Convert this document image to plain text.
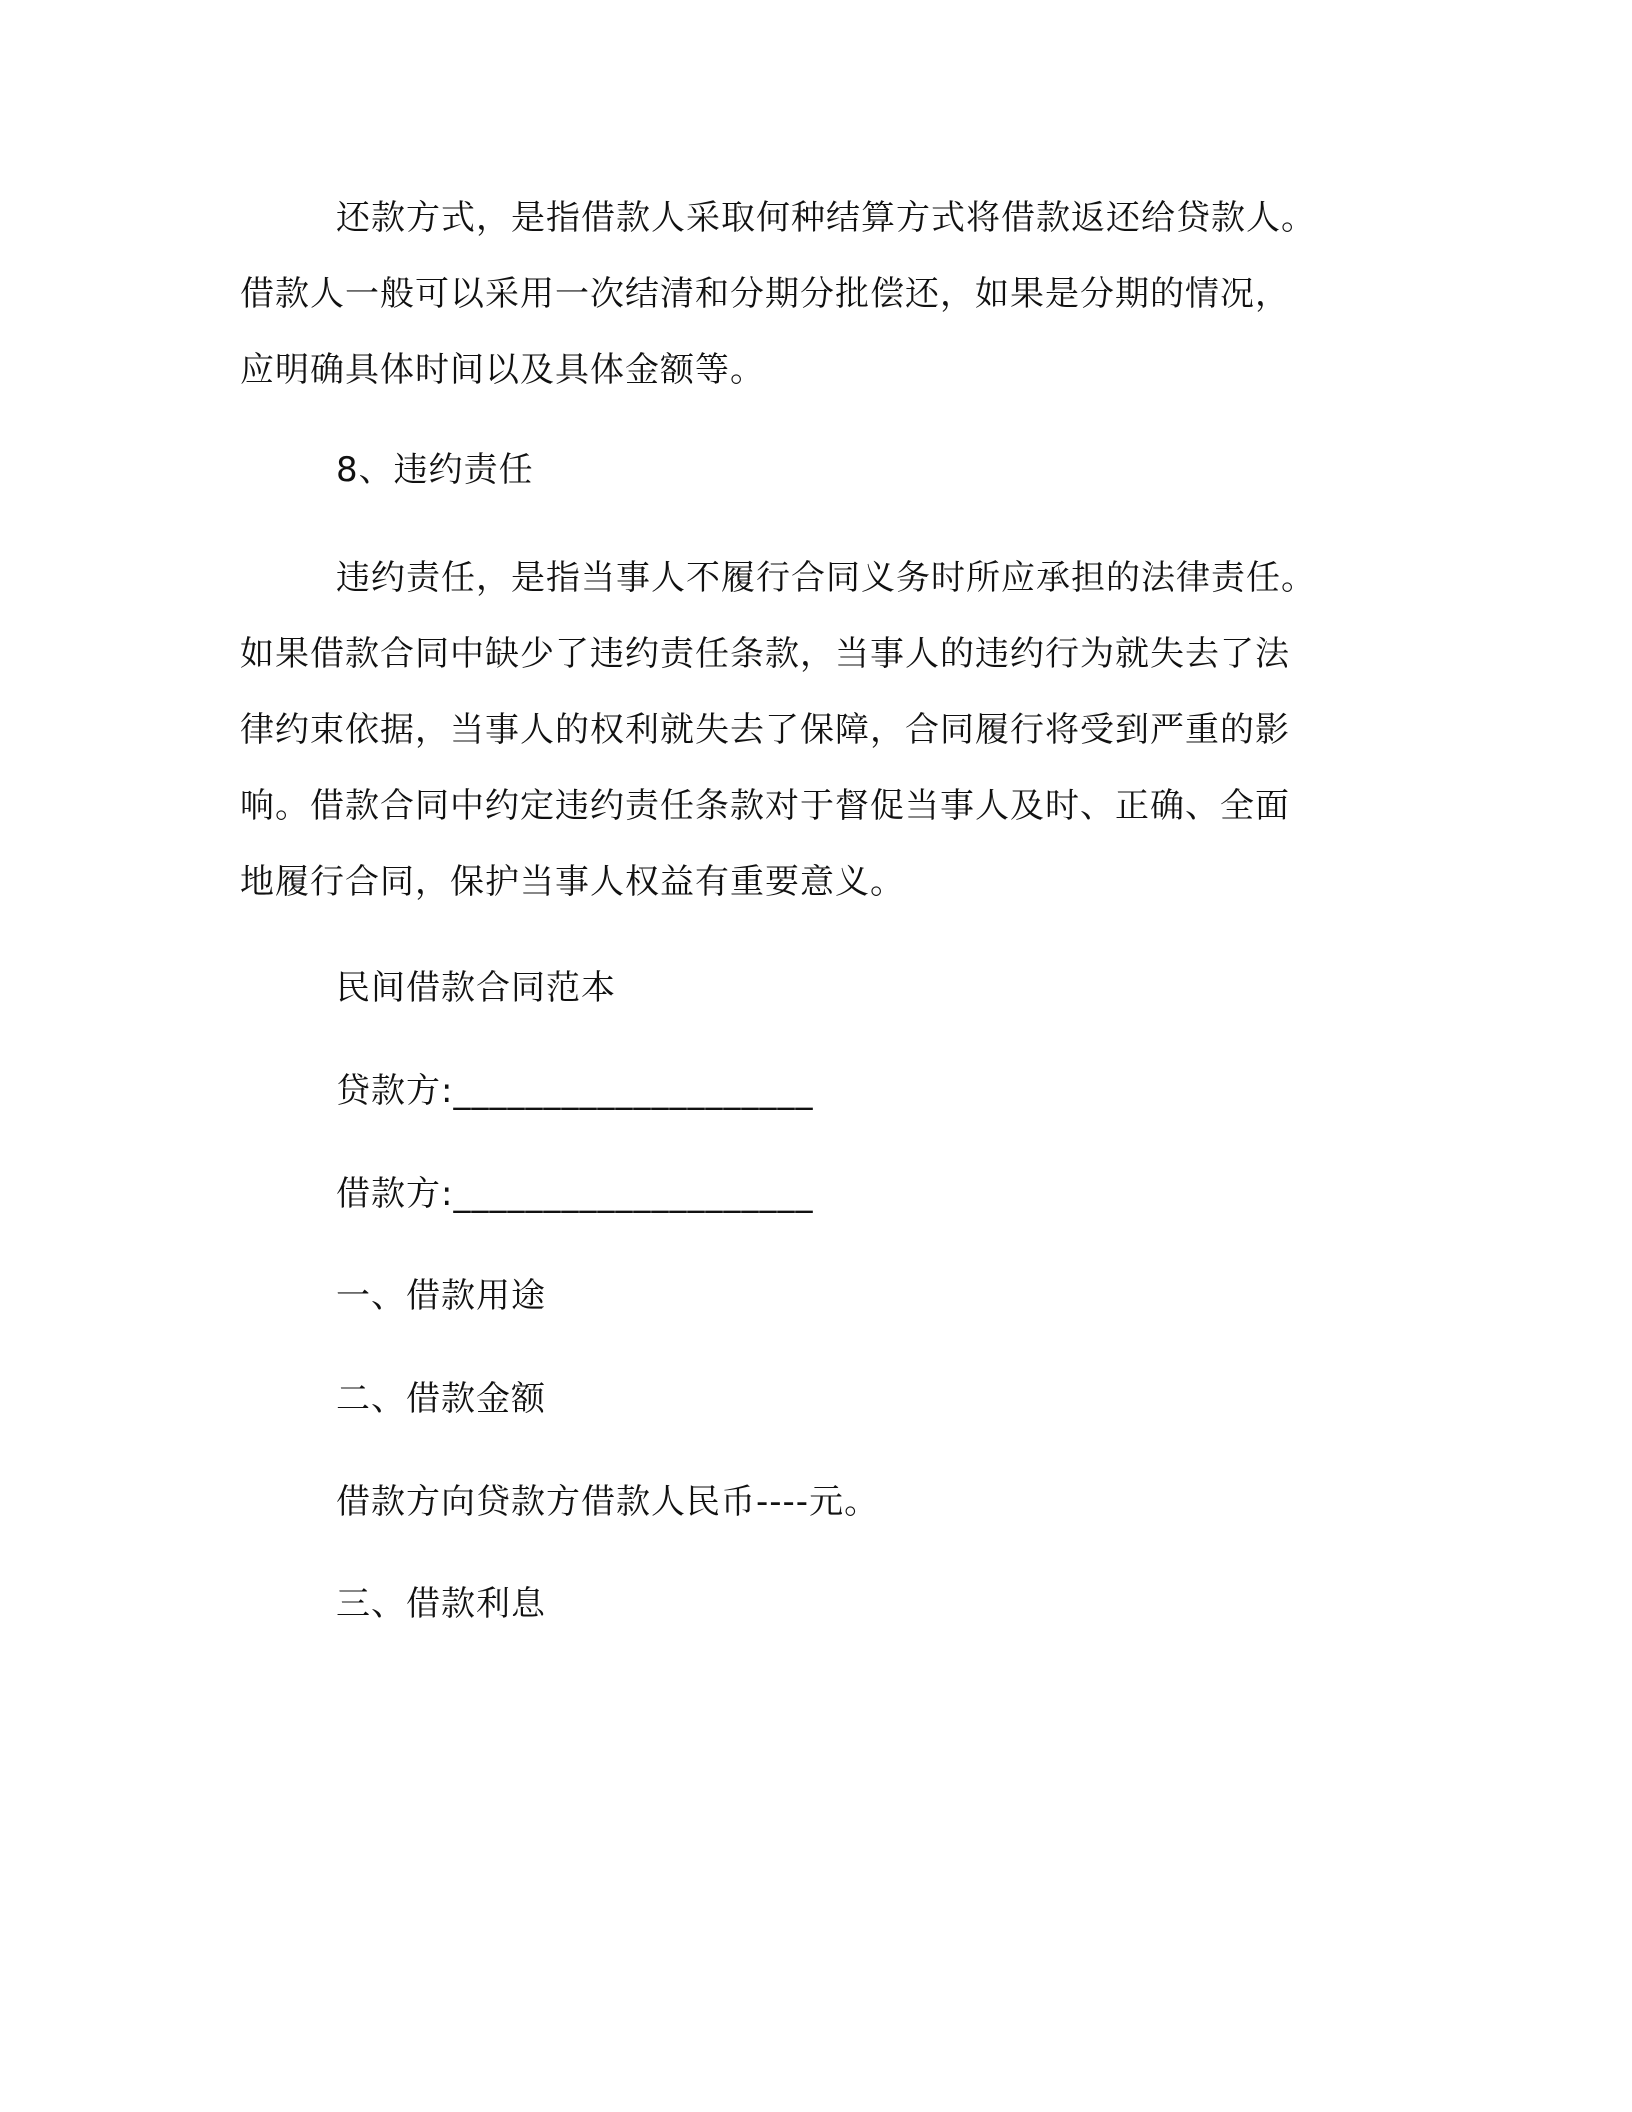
还款方式，是指借款人采取何种结算方式将借款返还给贷款人。
借款人一般可以采用一次结清和分期分批偿还，如果是分期的情况，
应明确具体时间以及具体金额等。
8、违约责任
违约责任，是指当事人不履行合同义务时所应承担的法律责任。
如果借款合同中缺少了违约责任条款，当事人的违约行为就失去了法
律约束依据，当事人的权利就失去了保障，合同履行将受到严重的影
响。借款合同中约定违约责任条款对于督促当事人及时、正确、全面
地履行合同，保护当事人权益有重要意义。
民间借款合同范本
贷款方:____________________
借款方:____________________
一、借款用途
二、借款金额
借款方向贷款方借款人民币----元。
三、借款利息
